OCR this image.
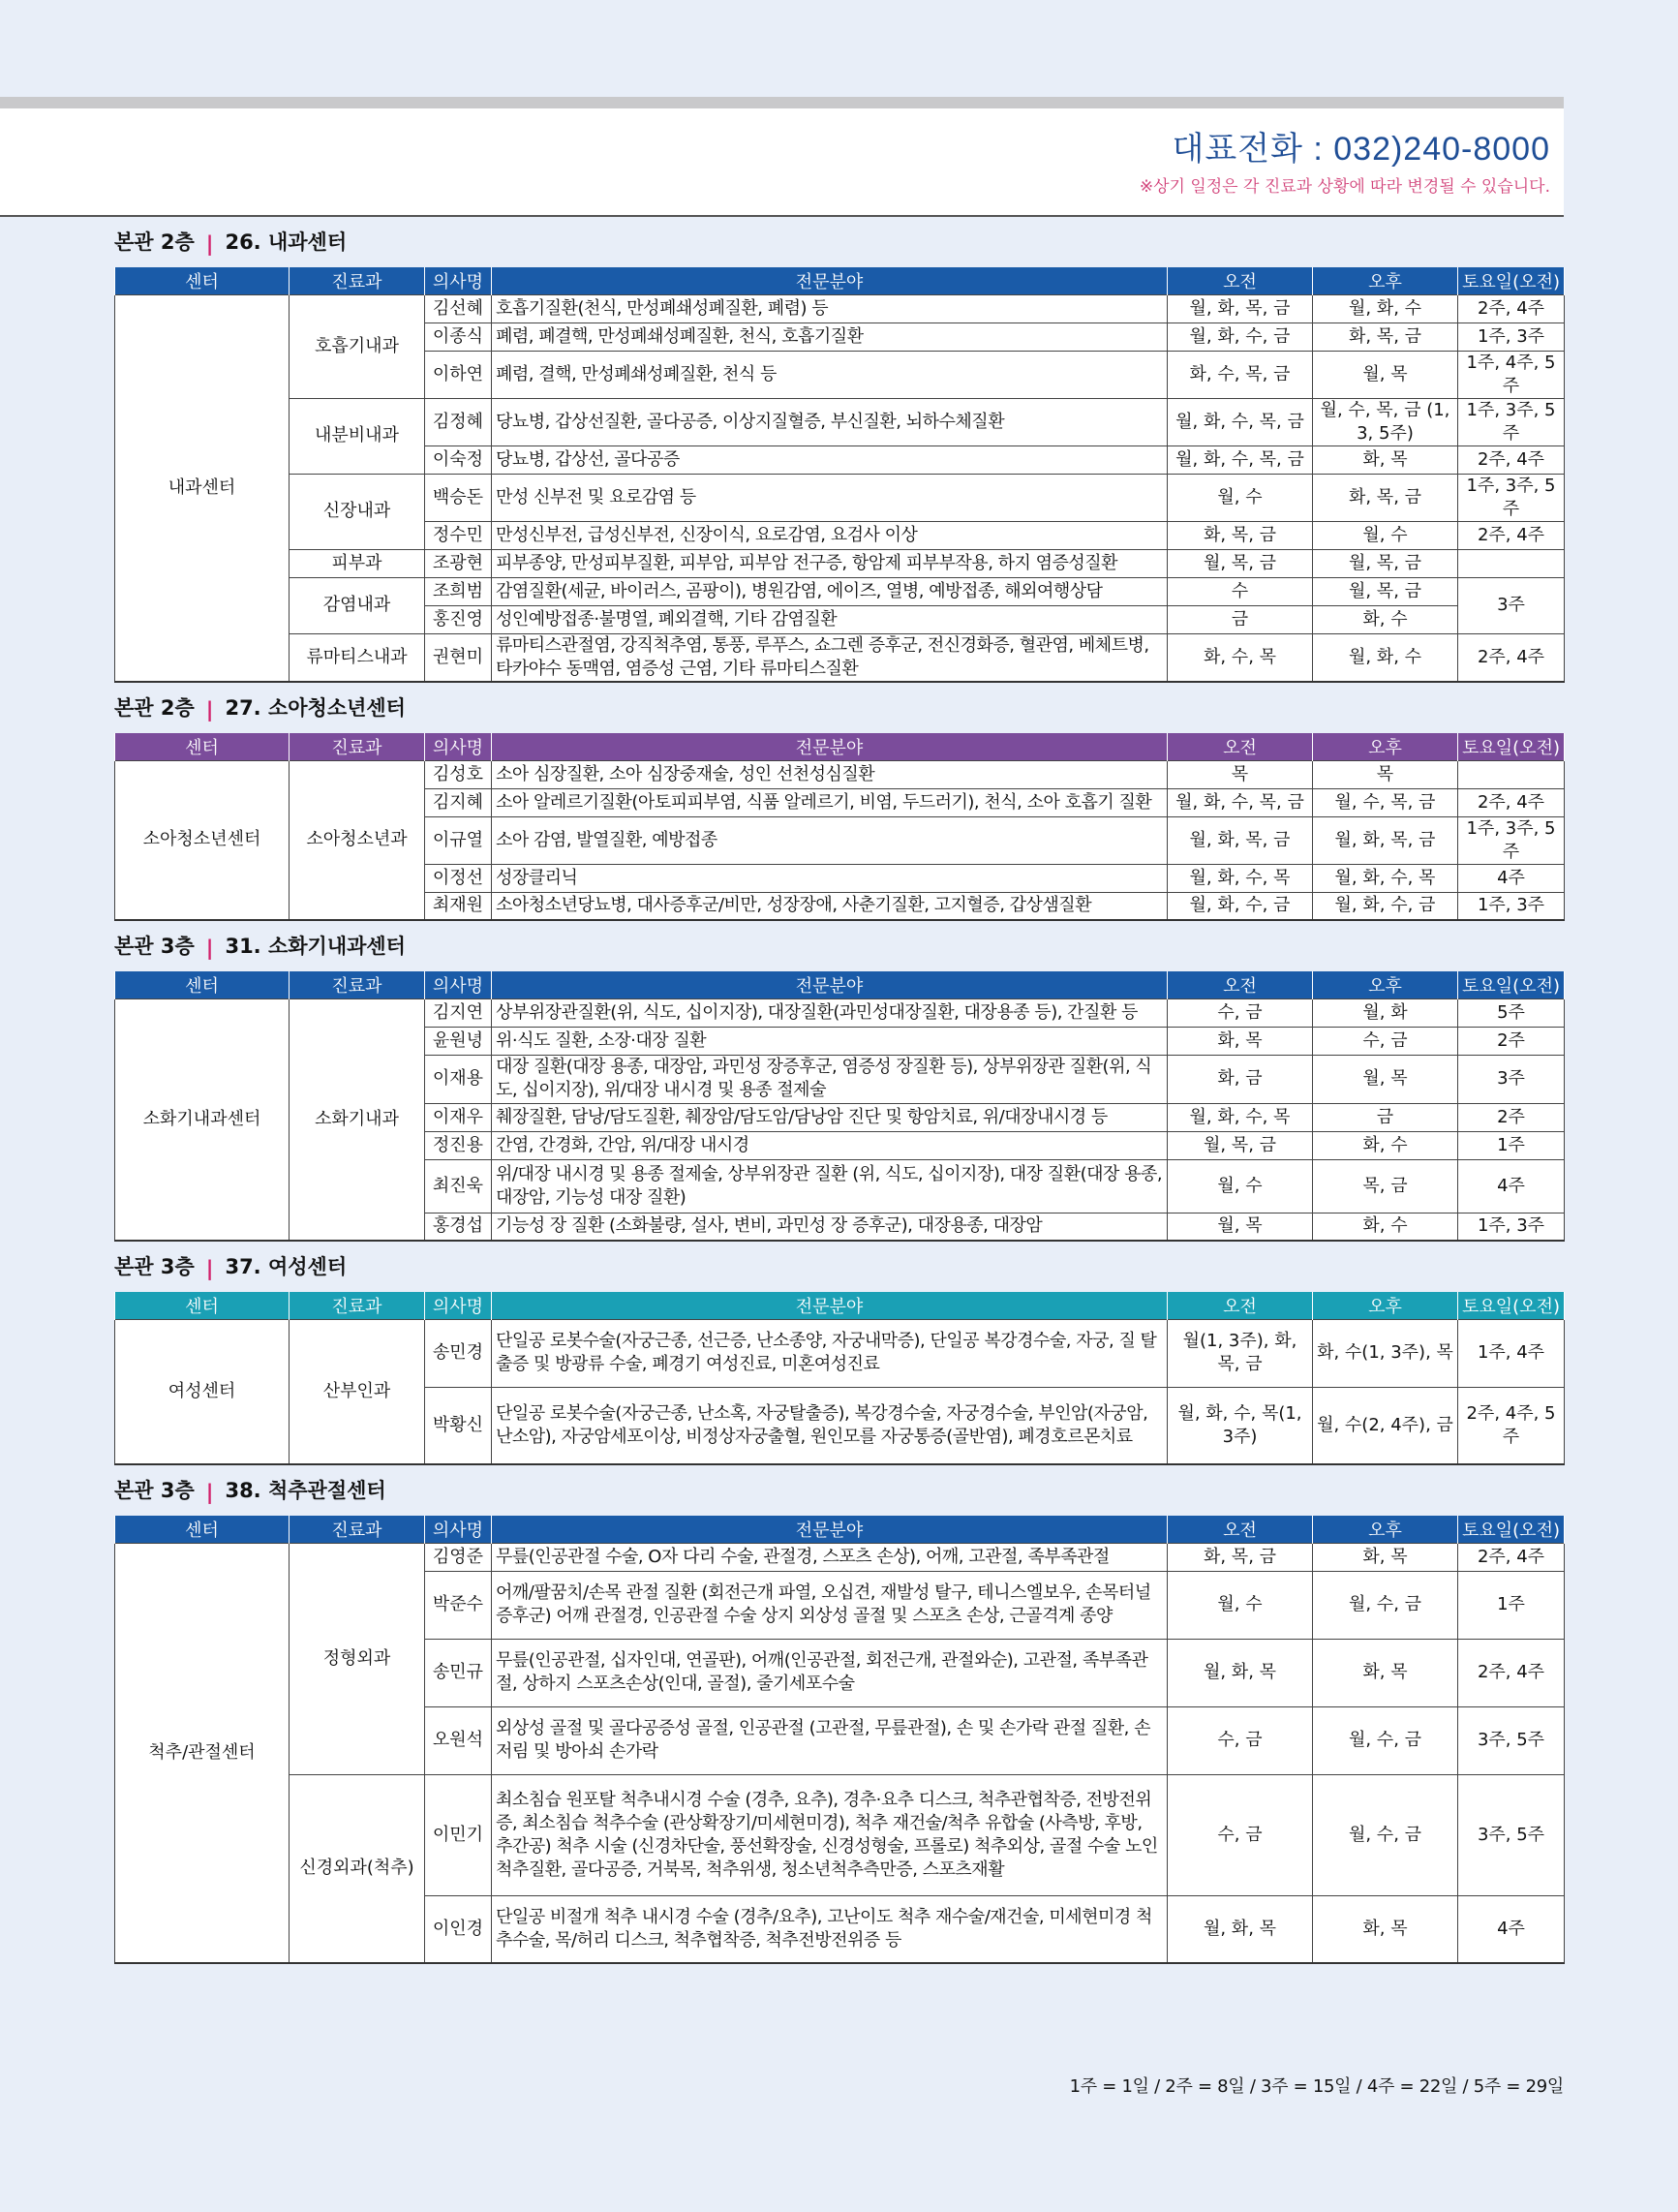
대표전화 : 032)240-8000
※상기 일정은 각 진료과 상황에 따라 변경될 수 있습니다.
본관 2층 | 26. 내과센터
센터	진료과	의사명	전문분야	오전	오후	토요일(오전)
내과센터	호흡기내과	김선혜	호흡기질환(천식, 만성폐쇄성폐질환, 폐렴) 등	월, 화, 목, 금	월, 화, 수	2주, 4주
		이종식	폐렴, 폐결핵, 만성폐쇄성폐질환, 천식, 호흡기질환	월, 화, 수, 금	화, 목, 금	1주, 3주
		이하연	폐렴, 결핵, 만성폐쇄성폐질환, 천식 등	화, 수, 목, 금	월, 목	1주, 4주, 5주
	내분비내과	김정혜	당뇨병, 갑상선질환, 골다공증, 이상지질혈증, 부신질환, 뇌하수체질환	월, 화, 수, 목, 금	월, 수, 목, 금 (1, 3, 5주)	1주, 3주, 5주
		이숙정	당뇨병, 갑상선, 골다공증	월, 화, 수, 목, 금	화, 목	2주, 4주
	신장내과	백승돈	만성 신부전 및 요로감염 등	월, 수	화, 목, 금	1주, 3주, 5주
		정수민	만성신부전, 급성신부전, 신장이식, 요로감염, 요검사 이상	화, 목, 금	월, 수	2주, 4주
	피부과	조광현	피부종양, 만성피부질환, 피부암, 피부암 전구증, 항암제 피부부작용, 하지 염증성질환	월, 목, 금	월, 목, 금	
	감염내과	조희범	감염질환(세균, 바이러스, 곰팡이), 병원감염, 에이즈, 열병, 예방접종, 해외여행상담	수	월, 목, 금	3주
		홍진영	성인예방접종·불명열, 폐외결핵, 기타 감염질환	금	화, 수	
	류마티스내과	권현미	류마티스관절염, 강직척추염, 통풍, 루푸스, 쇼그렌 증후군, 전신경화증, 혈관염, 베체트병, 타카야수 동맥염, 염증성 근염, 기타 류마티스질환	화, 수, 목	월, 화, 수	2주, 4주
본관 2층 | 27. 소아청소년센터
센터	진료과	의사명	전문분야	오전	오후	토요일(오전)
소아청소년센터	소아청소년과	김성호	소아 심장질환, 소아 심장중재술, 성인 선천성심질환	목	목	
		김지혜	소아 알레르기질환(아토피피부염, 식품 알레르기, 비염, 두드러기), 천식, 소아 호흡기 질환	월, 화, 수, 목, 금	월, 수, 목, 금	2주, 4주
		이규열	소아 감염, 발열질환, 예방접종	월, 화, 목, 금	월, 화, 목, 금	1주, 3주, 5주
		이정선	성장클리닉	월, 화, 수, 목	월, 화, 수, 목	4주
		최재원	소아청소년당뇨병, 대사증후군/비만, 성장장애, 사춘기질환, 고지혈증, 갑상샘질환	월, 화, 수, 금	월, 화, 수, 금	1주, 3주
본관 3층 | 31. 소화기내과센터
센터	진료과	의사명	전문분야	오전	오후	토요일(오전)
소화기내과센터	소화기내과	김지연	상부위장관질환(위, 식도, 십이지장), 대장질환(과민성대장질환, 대장용종 등), 간질환 등	수, 금	월, 화	5주
		윤원녕	위·식도 질환, 소장·대장 질환	화, 목	수, 금	2주
		이재용	대장 질환(대장 용종, 대장암, 과민성 장증후군, 염증성 장질환 등), 상부위장관 질환(위, 식도, 십이지장), 위/대장 내시경 및 용종 절제술	화, 금	월, 목	3주
		이재우	췌장질환, 담낭/담도질환, 췌장암/담도암/담낭암 진단 및 항암치료, 위/대장내시경 등	월, 화, 수, 목	금	2주
		정진용	간염, 간경화, 간암, 위/대장 내시경	월, 목, 금	화, 수	1주
		최진욱	위/대장 내시경 및 용종 절제술, 상부위장관 질환 (위, 식도, 십이지장), 대장 질환(대장 용종, 대장암, 기능성 대장 질환)	월, 수	목, 금	4주
		홍경섭	기능성 장 질환 (소화불량, 설사, 변비, 과민성 장 증후군), 대장용종, 대장암	월, 목	화, 수	1주, 3주
본관 3층 | 37. 여성센터
센터	진료과	의사명	전문분야	오전	오후	토요일(오전)
여성센터	산부인과	송민경	단일공 로봇수술(자궁근종, 선근증, 난소종양, 자궁내막증), 단일공 복강경수술, 자궁, 질 탈출증 및 방광류 수술, 폐경기 여성진료, 미혼여성진료	월(1, 3주), 화, 목, 금	화, 수(1, 3주), 목	1주, 4주
		박황신	단일공 로봇수술(자궁근종, 난소혹, 자궁탈출증), 복강경수술, 자궁경수술, 부인암(자궁암, 난소암), 자궁암세포이상, 비정상자궁출혈, 원인모를 자궁통증(골반염), 폐경호르몬치료	월, 화, 수, 목(1, 3주)	월, 수(2, 4주), 금	2주, 4주, 5주
본관 3층 | 38. 척추관절센터
센터	진료과	의사명	전문분야	오전	오후	토요일(오전)
척추/관절센터	정형외과	김영준	무릎(인공관절 수술, O자 다리 수술, 관절경, 스포츠 손상), 어깨, 고관절, 족부족관절	화, 목, 금	화, 목	2주, 4주
		박준수	어깨/팔꿈치/손목 관절 질환 (회전근개 파열, 오십견, 재발성 탈구, 테니스엘보우, 손목터널증후군) 어깨 관절경, 인공관절 수술 상지 외상성 골절 및 스포츠 손상, 근골격계 종양	월, 수	월, 수, 금	1주
		송민규	무릎(인공관절, 십자인대, 연골판), 어깨(인공관절, 회전근개, 관절와순), 고관절, 족부족관절, 상하지 스포츠손상(인대, 골절), 줄기세포수술	월, 화, 목	화, 목	2주, 4주
		오원석	외상성 골절 및 골다공증성 골절, 인공관절 (고관절, 무릎관절), 손 및 손가락 관절 질환, 손저림 및 방아쇠 손가락	수, 금	월, 수, 금	3주, 5주
	신경외과(척추)	이민기	최소침습 원포탈 척추내시경 수술 (경추, 요추), 경추·요추 디스크, 척추관협착증, 전방전위증, 최소침습 척추수술 (관상확장기/미세현미경), 척추 재건술/척추 유합술 (사측방, 후방, 추간공) 척추 시술 (신경차단술, 풍선확장술, 신경성형술, 프롤로) 척추외상, 골절 수술 노인척추질환, 골다공증, 거북목, 척추위생, 청소년척추측만증, 스포츠재활	수, 금	월, 수, 금	3주, 5주
		이인경	단일공 비절개 척추 내시경 수술 (경추/요추), 고난이도 척추 재수술/재건술, 미세현미경 척추수술, 목/허리 디스크, 척추협착증, 척추전방전위증 등	월, 화, 목	화, 목	4주
1주 = 1일 / 2주 = 8일 / 3주 = 15일 / 4주 = 22일 / 5주 = 29일
